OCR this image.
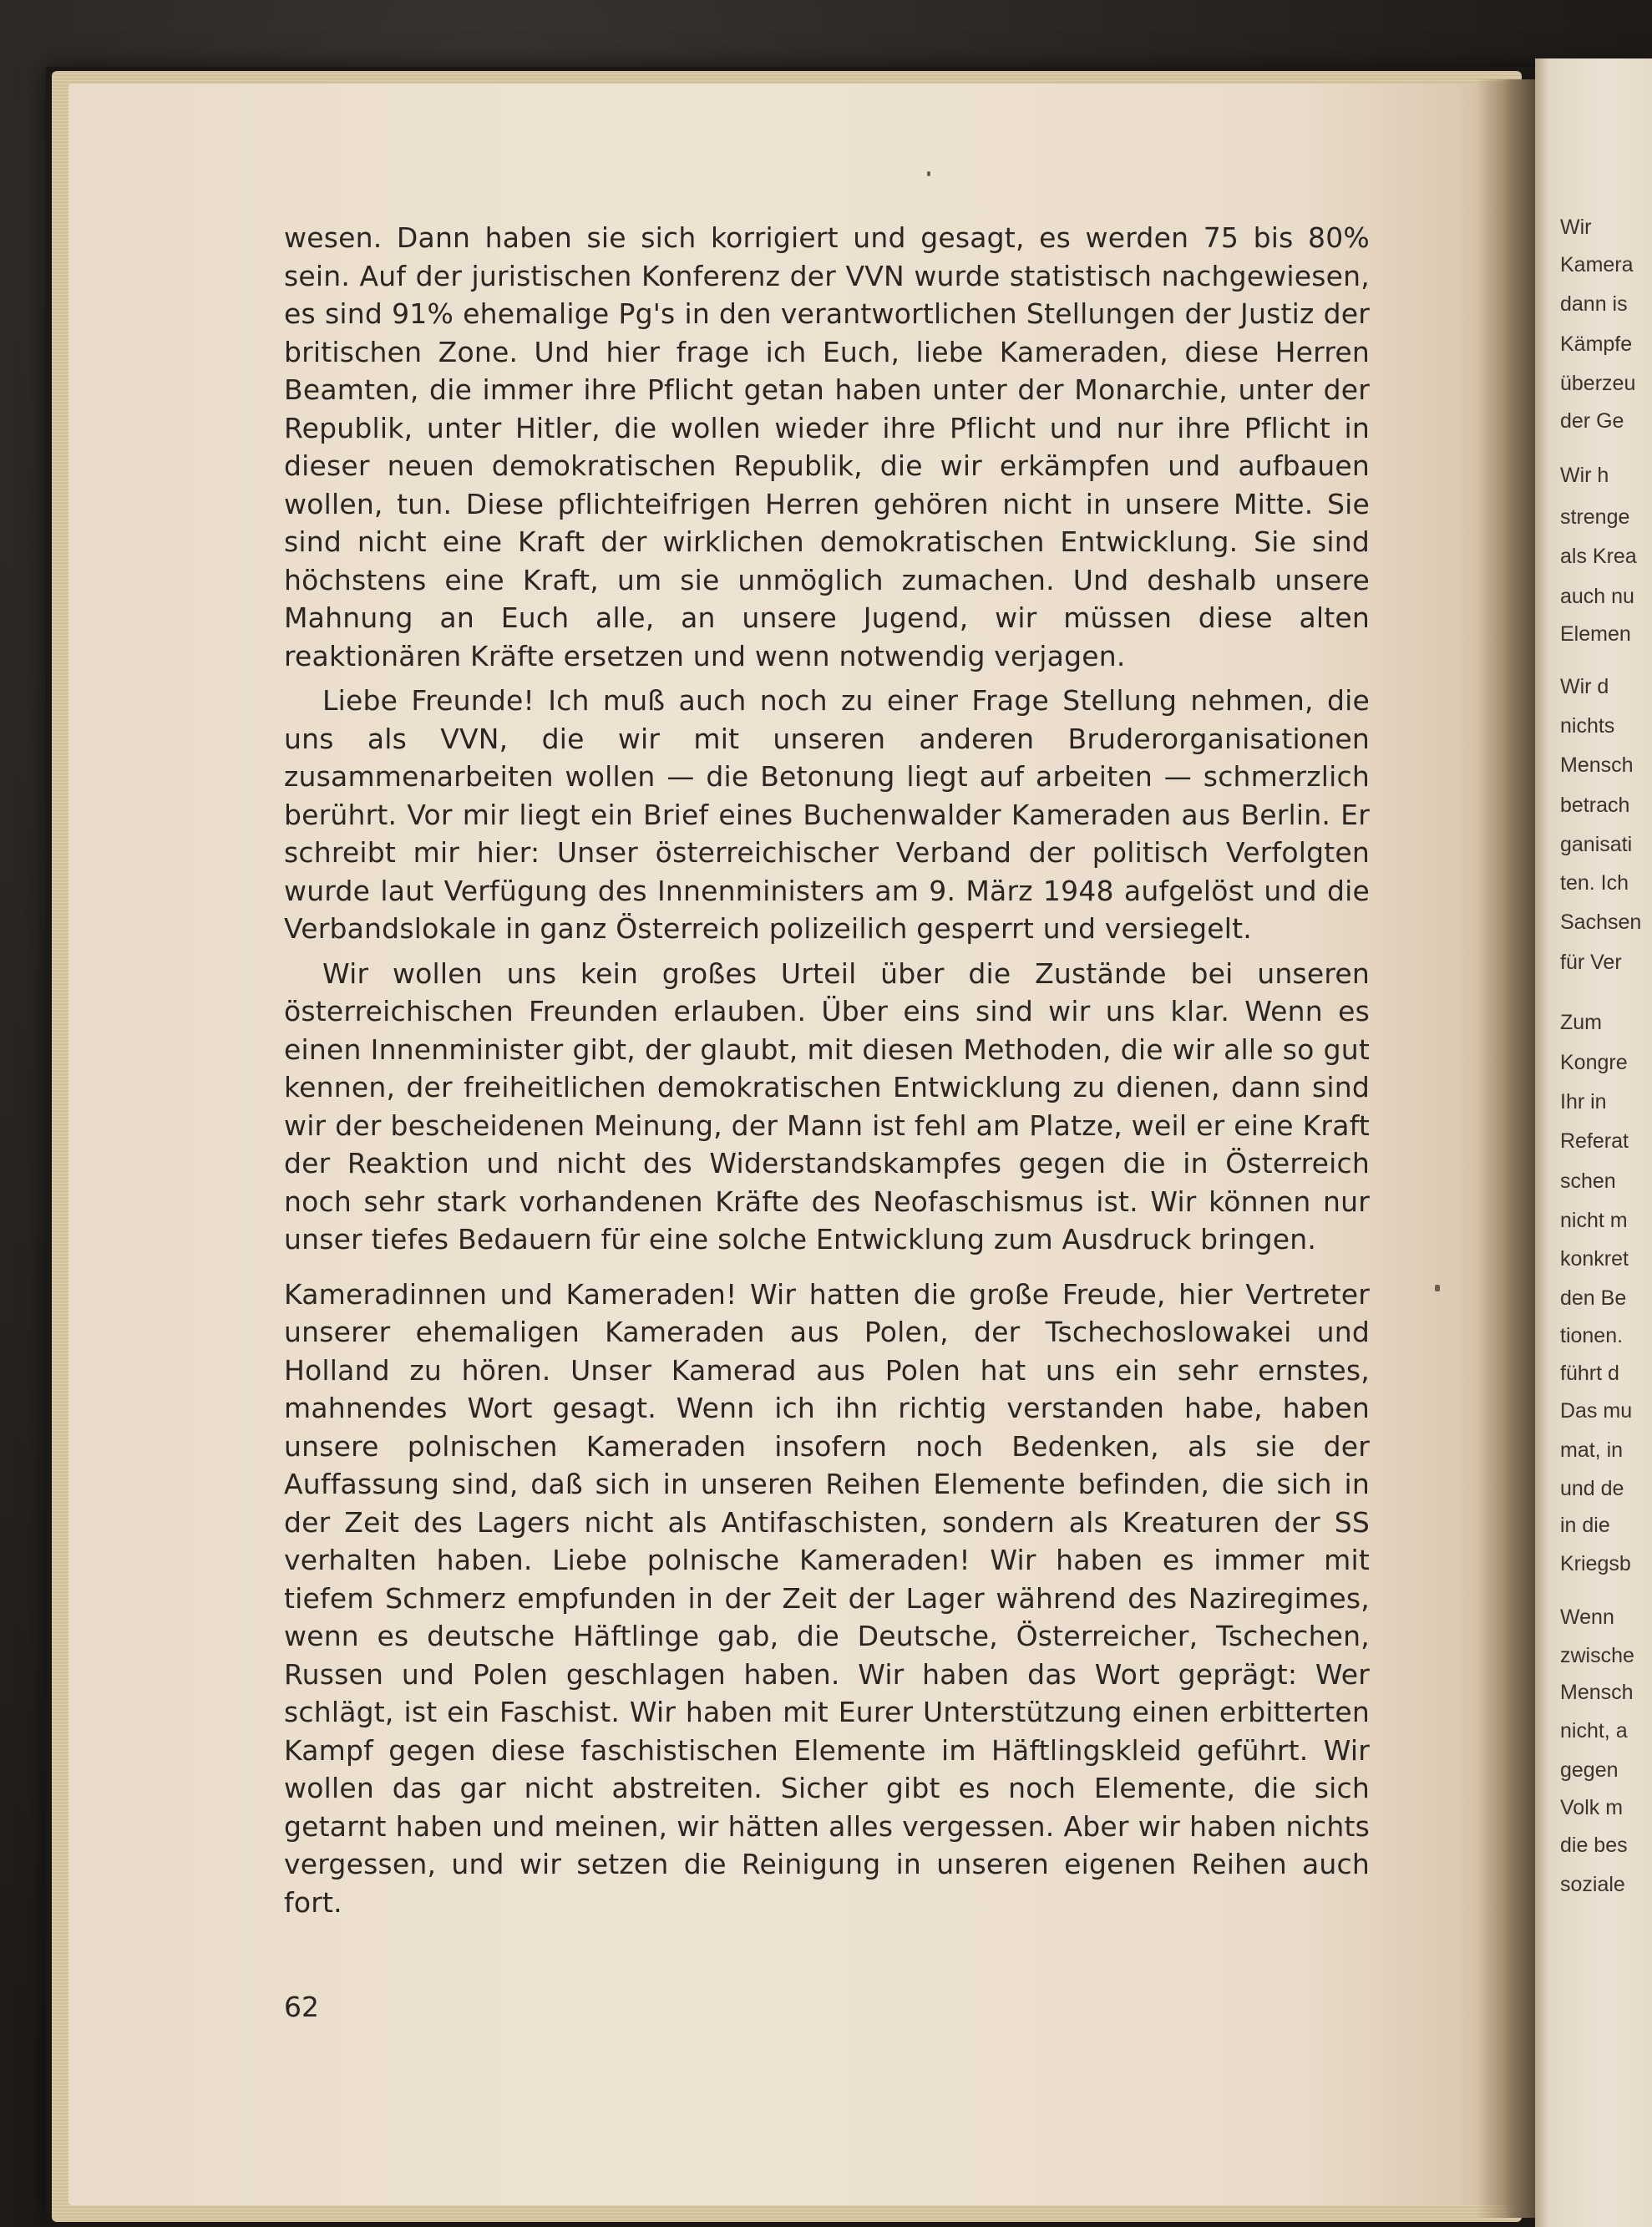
wesen. Dann haben sie sich korrigiert und gesagt, es werden 75 bis 80% sein. Auf der juristischen Konferenz der VVN wurde statistisch nachgewiesen, es sind 91% ehemalige Pg's in den verantwortlichen Stellungen der Justiz der britischen Zone. Und hier frage ich Euch, liebe Kameraden, diese Herren Beamten, die immer ihre Pflicht getan haben unter der Monarchie, unter der Republik, unter Hitler, die wollen wieder ihre Pflicht und nur ihre Pflicht in dieser neuen demokratischen Republik, die wir erkämpfen und aufbauen wollen, tun. Diese pflichteifrigen Herren gehören nicht in unsere Mitte. Sie sind nicht eine Kraft der wirklichen demokratischen Entwicklung. Sie sind höchstens eine Kraft, um sie unmöglich zumachen. Und deshalb unsere Mahnung an Euch alle, an unsere Jugend, wir müssen diese alten reaktionären Kräfte ersetzen und wenn notwendig verjagen.

Liebe Freunde! Ich muß auch noch zu einer Frage Stellung nehmen, die uns als VVN, die wir mit unseren anderen Bruderorganisationen zusammenarbeiten wollen — die Betonung liegt auf arbeiten — schmerzlich berührt. Vor mir liegt ein Brief eines Buchenwalder Kameraden aus Berlin. Er schreibt mir hier: Unser österreichischer Verband der politisch Verfolgten wurde laut Verfügung des Innenministers am 9. März 1948 aufgelöst und die Verbandslokale in ganz Österreich polizeilich gesperrt und versiegelt.

Wir wollen uns kein großes Urteil über die Zustände bei unseren österreichischen Freunden erlauben. Über eins sind wir uns klar. Wenn es einen Innenminister gibt, der glaubt, mit diesen Methoden, die wir alle so gut kennen, der freiheitlichen demokratischen Entwicklung zu dienen, dann sind wir der bescheidenen Meinung, der Mann ist fehl am Platze, weil er eine Kraft der Reaktion und nicht des Widerstandskampfes gegen die in Österreich noch sehr stark vorhandenen Kräfte des Neofaschismus ist. Wir können nur unser tiefes Bedauern für eine solche Entwicklung zum Ausdruck bringen.

Kameradinnen und Kameraden! Wir hatten die große Freude, hier Vertreter unserer ehemaligen Kameraden aus Polen, der Tschechoslowakei und Holland zu hören. Unser Kamerad aus Polen hat uns ein sehr ernstes, mahnendes Wort gesagt. Wenn ich ihn richtig verstanden habe, haben unsere polnischen Kameraden insofern noch Bedenken, als sie der Auffassung sind, daß sich in unseren Reihen Elemente befinden, die sich in der Zeit des Lagers nicht als Antifaschisten, sondern als Kreaturen der SS verhalten haben. Liebe polnische Kameraden! Wir haben es immer mit tiefem Schmerz empfunden in der Zeit der Lager während des Naziregimes, wenn es deutsche Häftlinge gab, die Deutsche, Österreicher, Tschechen, Russen und Polen geschlagen haben. Wir haben das Wort geprägt: Wer schlägt, ist ein Faschist. Wir haben mit Eurer Unterstützung einen erbitterten Kampf gegen diese faschistischen Elemente im Häftlingskleid geführt. Wir wollen das gar nicht abstreiten. Sicher gibt es noch Elemente, die sich getarnt haben und meinen, wir hätten alles vergessen. Aber wir haben nichts vergessen, und wir setzen die Reinigung in unseren eigenen Reihen auch fort.

62
Wir
Kamera
dann is
Kämpfe
überzeu
der Ge
Wir h
strenge
als Krea
auch nu
Elemen
Wir d
nichts
Mensch
betrach
ganisati
ten. Ich
Sachsen
für Ver
Zum
Kongre
Ihr in
Referat
schen
nicht m
konkret
den Be
tionen.
führt d
Das mu
mat, in
und de
in die
Kriegsb
Wenn
zwische
Mensch
nicht, a
gegen
Volk m
die bes
soziale
